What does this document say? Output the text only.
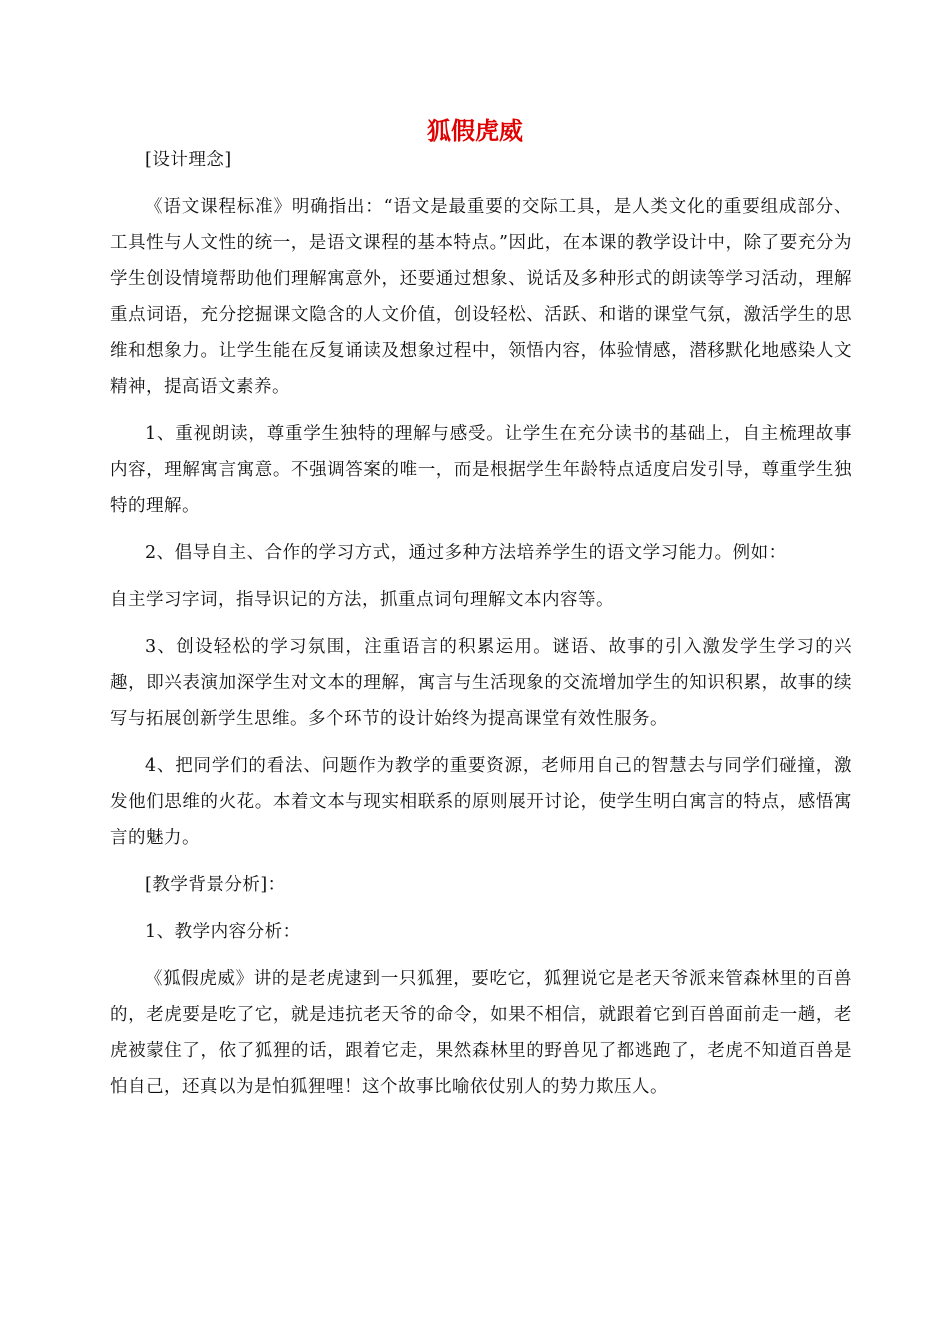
狐假虎威

[设计理念]

《语文课程标准》明确指出：“语文是最重要的交际工具，是人类文化的重要组成部分、工具性与人文性的统一，是语文课程的基本特点。”因此，在本课的教学设计中，除了要充分为学生创设情境帮助他们理解寓意外，还要通过想象、说话及多种形式的朗读等学习活动，理解重点词语，充分挖掘课文隐含的人文价值，创设轻松、活跃、和谐的课堂气氛，激活学生的思维和想象力。让学生能在反复诵读及想象过程中，领悟内容，体验情感，潜移默化地感染人文精神，提高语文素养。

1、重视朗读，尊重学生独特的理解与感受。让学生在充分读书的基础上，自主梳理故事内容，理解寓言寓意。不强调答案的唯一，而是根据学生年龄特点适度启发引导，尊重学生独特的理解。

2、倡导自主、合作的学习方式，通过多种方法培养学生的语文学习能力。例如：

自主学习字词，指导识记的方法，抓重点词句理解文本内容等。

3、创设轻松的学习氛围，注重语言的积累运用。谜语、故事的引入激发学生学习的兴趣，即兴表演加深学生对文本的理解，寓言与生活现象的交流增加学生的知识积累，故事的续写与拓展创新学生思维。多个环节的设计始终为提高课堂有效性服务。

4、把同学们的看法、问题作为教学的重要资源，老师用自己的智慧去与同学们碰撞，激发他们思维的火花。本着文本与现实相联系的原则展开讨论，使学生明白寓言的特点，感悟寓言的魅力。

[教学背景分析]：

1、教学内容分析：

《狐假虎威》讲的是老虎逮到一只狐狸，要吃它，狐狸说它是老天爷派来管森林里的百兽的，老虎要是吃了它，就是违抗老天爷的命令，如果不相信，就跟着它到百兽面前走一趟，老虎被蒙住了，依了狐狸的话，跟着它走，果然森林里的野兽见了都逃跑了，老虎不知道百兽是怕自己，还真以为是怕狐狸哩！这个故事比喻依仗别人的势力欺压人。
